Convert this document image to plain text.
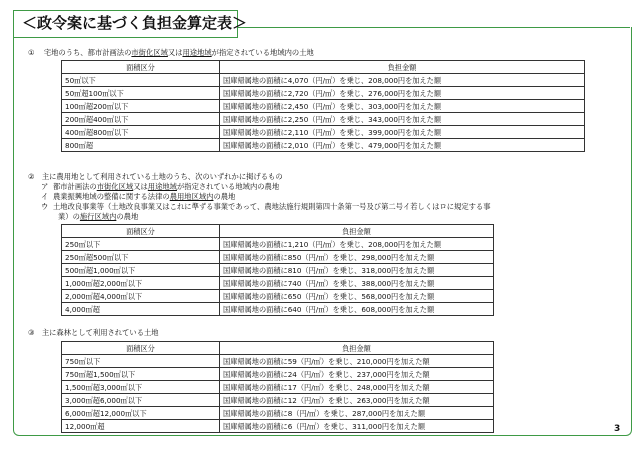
＜政令案に基づく負担金算定表＞
① 宅地のうち、都市計画法の市街化区域又は用途地域が指定されている地域内の土地
面積区分	負担金額
50㎡以下	国庫帰属地の面積に4,070（円/㎡）を乗じ、208,000円を加えた額
50㎡超100㎡以下	国庫帰属地の面積に2,720（円/㎡）を乗じ、276,000円を加えた額
100㎡超200㎡以下	国庫帰属地の面積に2,450（円/㎡）を乗じ、303,000円を加えた額
200㎡超400㎡以下	国庫帰属地の面積に2,250（円/㎡）を乗じ、343,000円を加えた額
400㎡超800㎡以下	国庫帰属地の面積に2,110（円/㎡）を乗じ、399,000円を加えた額
800㎡超	国庫帰属地の面積に2,010（円/㎡）を乗じ、479,000円を加えた額
②　主に農用地として利用されている土地のうち、次のいずれかに掲げるもの
ア 都市計画法の市街化区域又は用途地域が指定されている地域内の農地
イ 農業振興地域の整備に関する法律の農用地区域内の農地
ウ 土地改良事業等（土地改良事業又はこれに準ずる事業であって、農地法施行規則第四十条第一号及び第二号イ若しくはロに規定する事
業）の施行区域内の農地
面積区分	負担金額
250㎡以下	国庫帰属地の面積に1,210（円/㎡）を乗じ、208,000円を加えた額
250㎡超500㎡以下	国庫帰属地の面積に850（円/㎡）を乗じ、298,000円を加えた額
500㎡超1,000㎡以下	国庫帰属地の面積に810（円/㎡）を乗じ、318,000円を加えた額
1,000㎡超2,000㎡以下	国庫帰属地の面積に740（円/㎡）を乗じ、388,000円を加えた額
2,000㎡超4,000㎡以下	国庫帰属地の面積に650（円/㎡）を乗じ、568,000円を加えた額
4,000㎡超	国庫帰属地の面積に640（円/㎡）を乗じ、608,000円を加えた額
③　主に森林として利用されている土地
面積区分	負担金額
750㎡以下	国庫帰属地の面積に59（円/㎡）を乗じ、210,000円を加えた額
750㎡超1,500㎡以下	国庫帰属地の面積に24（円/㎡）を乗じ、237,000円を加えた額
1,500㎡超3,000㎡以下	国庫帰属地の面積に17（円/㎡）を乗じ、248,000円を加えた額
3,000㎡超6,000㎡以下	国庫帰属地の面積に12（円/㎡）を乗じ、263,000円を加えた額
6,000㎡超12,000㎡以下	国庫帰属地の面積に8（円/㎡）を乗じ、287,000円を加えた額
12,000㎡超	国庫帰属地の面積に6（円/㎡）を乗じ、311,000円を加えた額	3
